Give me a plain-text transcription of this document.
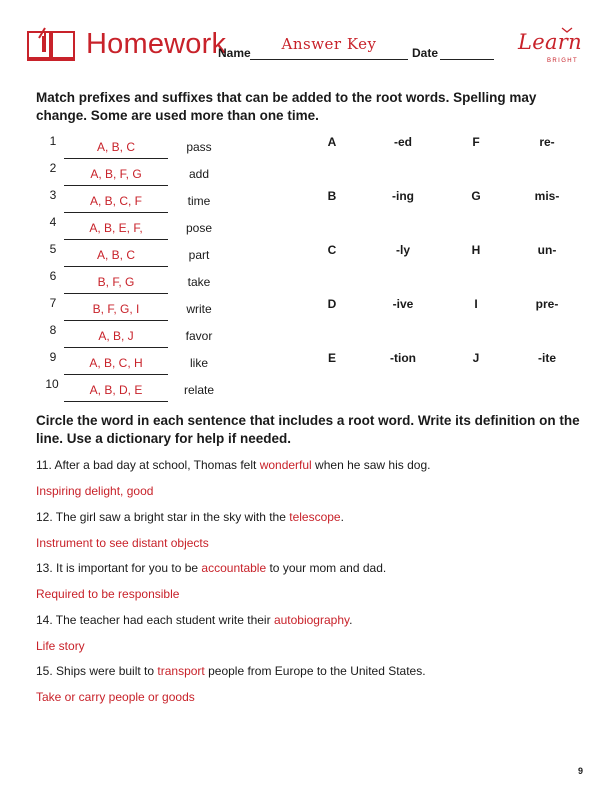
Homework
Name	Answer Key	Date	Learn
BRIGHT
Match prefixes and suffixes that can be added to the root words. Spelling may change. Some are used more than one time.
1	A, B, C	pass
2	A, B, F, G	add
3	A, B, C, F	time
4	A, B, E, F,	pose
5	A, B, C	part
6	B, F, G	take
7	B, F, G, I	write
8	A, B, J	favor
9	A, B, C, H	like
10	A, B, D, E	relate
A	-ed	F	re-
B	-ing	G	mis-
C	-ly	H	un-
D	-ive	I	pre-
E	-tion	J	-ite
Circle the word in each sentence that includes a root word. Write its definition on the line. Use a dictionary for help if needed.
11. After a bad day at school, Thomas felt wonderful when he saw his dog.
Inspiring delight, good
12. The girl saw a bright star in the sky with the telescope.
Instrument to see distant objects
13. It is important for you to be accountable to your mom and dad.
Required to be responsible
14. The teacher had each student write their autobiography.
Life story
15. Ships were built to transport people from Europe to the United States.
Take or carry people or goods
9
